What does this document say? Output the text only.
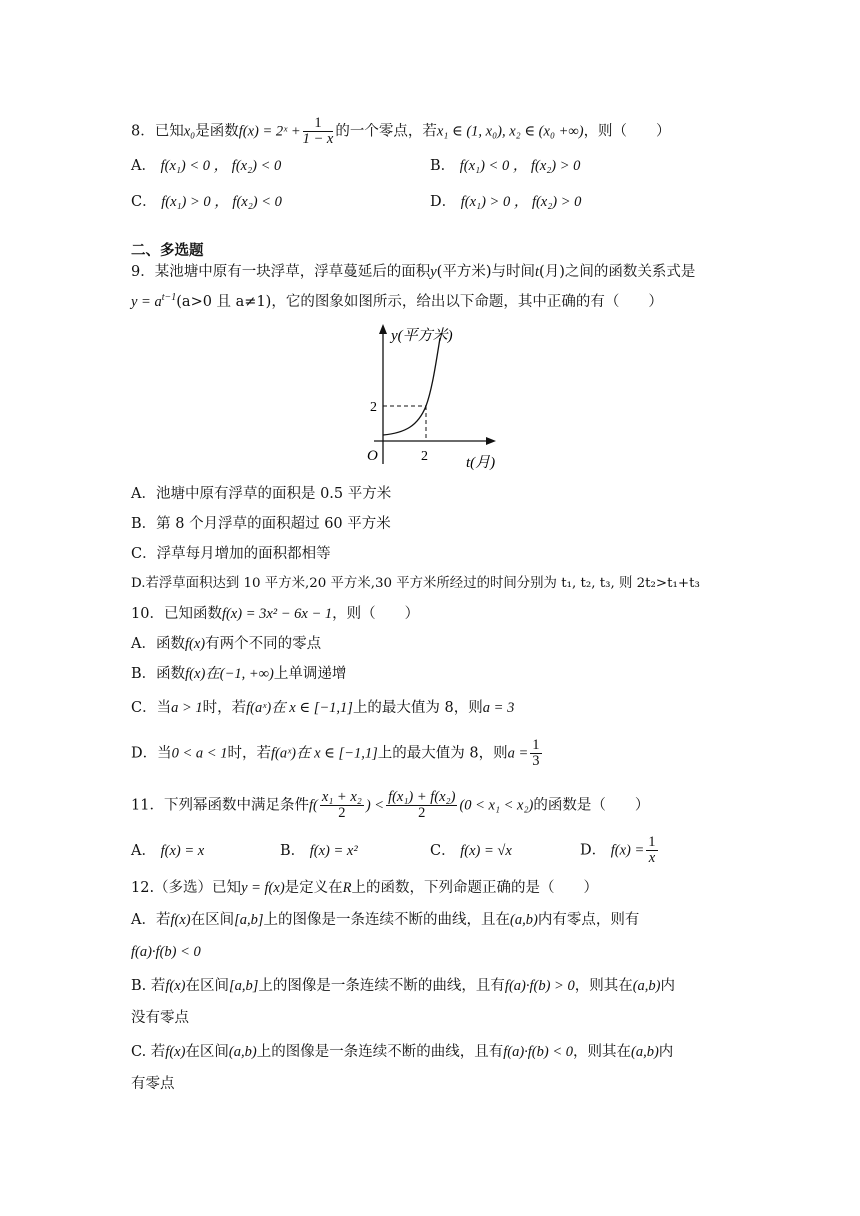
8．已知x₀是函数f(x) = 2ˣ + $\frac{1}{1 - x}$ 的一个零点，若x₁ ∈ (1, x₀), x₂ ∈ (x₀ +∞)，则（　　）
A． f(x₁) < 0 ， f(x₂) < 0	B． f(x₁) < 0 ， f(x₂) > 0
C． f(x₁) > 0 ， f(x₂) < 0	D． f(x₁) > 0 ， f(x₂) > 0
二、多选题
9．某池塘中原有一块浮草，浮草蔓延后的面积y(平方米)与时间t(月)之间的函数关系式是
$y = a^{t-1}(a>0$ 且 a≠1)，它的图象如图所示，给出以下命题，其中正确的有（　　）
y(平方米)
t(月)
O
2
2
A．池塘中原有浮草的面积是 0.5 平方米
B．第 8 个月浮草的面积超过 60 平方米
C．浮草每月增加的面积都相等
D.若浮草面积达到 10 平方米,20 平方米,30 平方米所经过的时间分别为 t₁, t₂, t₃, 则 2t₂>t₁+t₃
10．已知函数f(x) = 3x² − 6x − 1，则（　　）
A．函数f(x)有两个不同的零点
B．函数f(x)在(−1, +∞)上单调递增
C．当a > 1时，若f(aˣ)在 x ∈ [−1,1]上的最大值为 8，则a = 3
D．当0 < a < 1时，若f(aˣ)在 x ∈ [−1,1]上的最大值为 8，则$a = \frac{1}{3}$
11．下列幂函数中满足条件$f( \frac{\text{x₁ + x₂}}{2}$ ) < $\frac{\text{f(x₁) + f(x₂)}}{2} (0 < x_1 < x_2)$的函数是（　　）
A． f(x) = x	B． f(x) = x²	C． f(x) = √x	D． $f(x) = \frac{1}{x}$
12.（多选）已知y = f(x)是定义在R上的函数，下列命题正确的是（　　）
A．若f(x)在区间[a,b]上的图像是一条连续不断的曲线，且在(a,b)内有零点，则有
f(a)·f(b) < 0
B. 若f(x)在区间[a,b]上的图像是一条连续不断的曲线，且有f(a)·f(b) > 0，则其在(a,b)内
没有零点
C. 若f(x)在区间(a,b)上的图像是一条连续不断的曲线，且有f(a)·f(b) < 0，则其在(a,b)内
有零点
